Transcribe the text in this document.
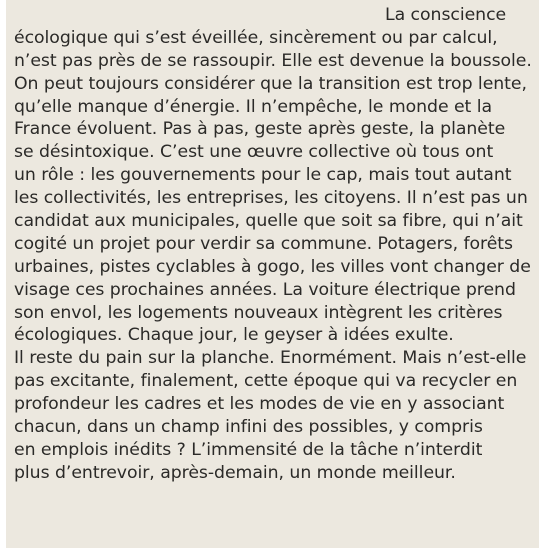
La conscience
écologique qui s’est éveillée, sincèrement ou par calcul,
n’est pas près de se rassoupir. Elle est devenue la boussole.
On peut toujours considérer que la transition est trop lente,
qu’elle manque d’énergie. Il n’empêche, le monde et la
France évoluent. Pas à pas, geste après geste, la planète
se désintoxique. C’est une œuvre collective où tous ont
un rôle : les gouvernements pour le cap, mais tout autant
les collectivités, les entreprises, les citoyens. Il n’est pas un
candidat aux municipales, quelle que soit sa fibre, qui n’ait
cogité un projet pour verdir sa commune. Potagers, forêts
urbaines, pistes cyclables à gogo, les villes vont changer de
visage ces prochaines années. La voiture électrique prend
son envol, les logements nouveaux intègrent les critères
écologiques. Chaque jour, le geyser à idées exulte.
Il reste du pain sur la planche. Enormément. Mais n’est-elle
pas excitante, finalement, cette époque qui va recycler en
profondeur les cadres et les modes de vie en y associant
chacun, dans un champ infini des possibles, y compris
en emplois inédits ? L’immensité de la tâche n’interdit
plus d’entrevoir, après-demain, un monde meilleur.
